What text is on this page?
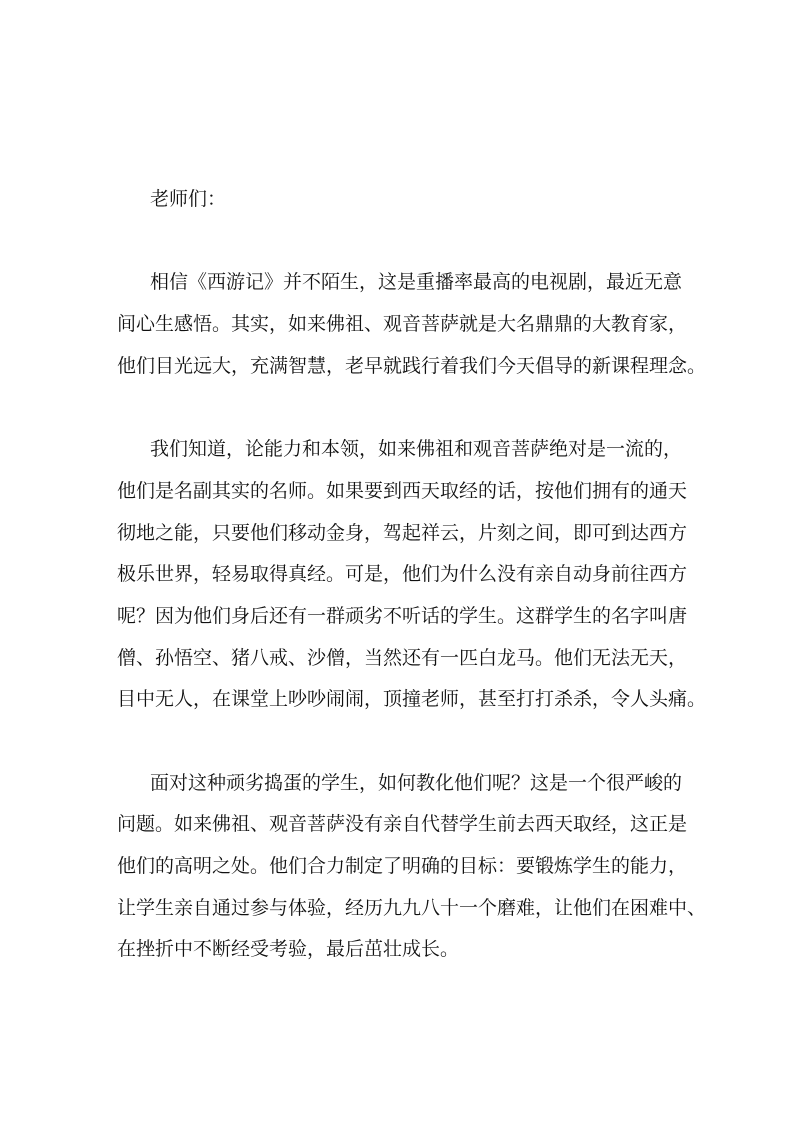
老师们：

相信《西游记》并不陌生，这是重播率最高的电视剧，最近无意
间心生感悟。其实，如来佛祖、观音菩萨就是大名鼎鼎的大教育家，
他们目光远大，充满智慧，老早就践行着我们今天倡导的新课程理念。

我们知道，论能力和本领，如来佛祖和观音菩萨绝对是一流的，
他们是名副其实的名师。如果要到西天取经的话，按他们拥有的通天
彻地之能，只要他们移动金身，驾起祥云，片刻之间，即可到达西方
极乐世界，轻易取得真经。可是，他们为什么没有亲自动身前往西方
呢？因为他们身后还有一群顽劣不听话的学生。这群学生的名字叫唐
僧、孙悟空、猪八戒、沙僧，当然还有一匹白龙马。他们无法无天，
目中无人，在课堂上吵吵闹闹，顶撞老师，甚至打打杀杀，令人头痛。

面对这种顽劣捣蛋的学生，如何教化他们呢？这是一个很严峻的
问题。如来佛祖、观音菩萨没有亲自代替学生前去西天取经，这正是
他们的高明之处。他们合力制定了明确的目标：要锻炼学生的能力，
让学生亲自通过参与体验，经历九九八十一个磨难，让他们在困难中、
在挫折中不断经受考验，最后茁壮成长。
